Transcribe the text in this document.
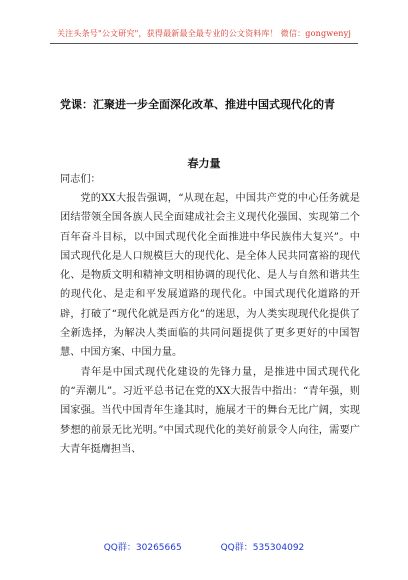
关注头条号"公文研究"，获得最新最全最专业的公文资料库！ 微信：gongwenyj
党课：汇聚进一步全面深化改革、推进中国式现代化的青
春力量
同志们：

党的XX大报告强调，“从现在起，中国共产党的中心任务就是团结带领全国各族人民全面建成社会主义现代化强国、实现第二个百年奋斗目标，以中国式现代化全面推进中华民族伟大复兴”。中国式现代化是人口规模巨大的现代化、是全体人民共同富裕的现代化、是物质文明和精神文明相协调的现代化、是人与自然和谐共生的现代化、是走和平发展道路的现代化。中国式现代化道路的开辟，打破了“现代化就是西方化”的迷思，为人类实现现代化提供了全新选择，为解决人类面临的共同问题提供了更多更好的中国智慧、中国方案、中国力量。

青年是中国式现代化建设的先锋力量，是推进中国式现代化的“弄潮儿”。习近平总书记在党的XX大报告中指出：“青年强，则国家强。当代中国青年生逢其时，施展才干的舞台无比广阔，实现梦想的前景无比光明。”中国式现代化的美好前景令人向往，需要广大青年挺膺担当、

QQ群：30265665	QQ群：535304092
